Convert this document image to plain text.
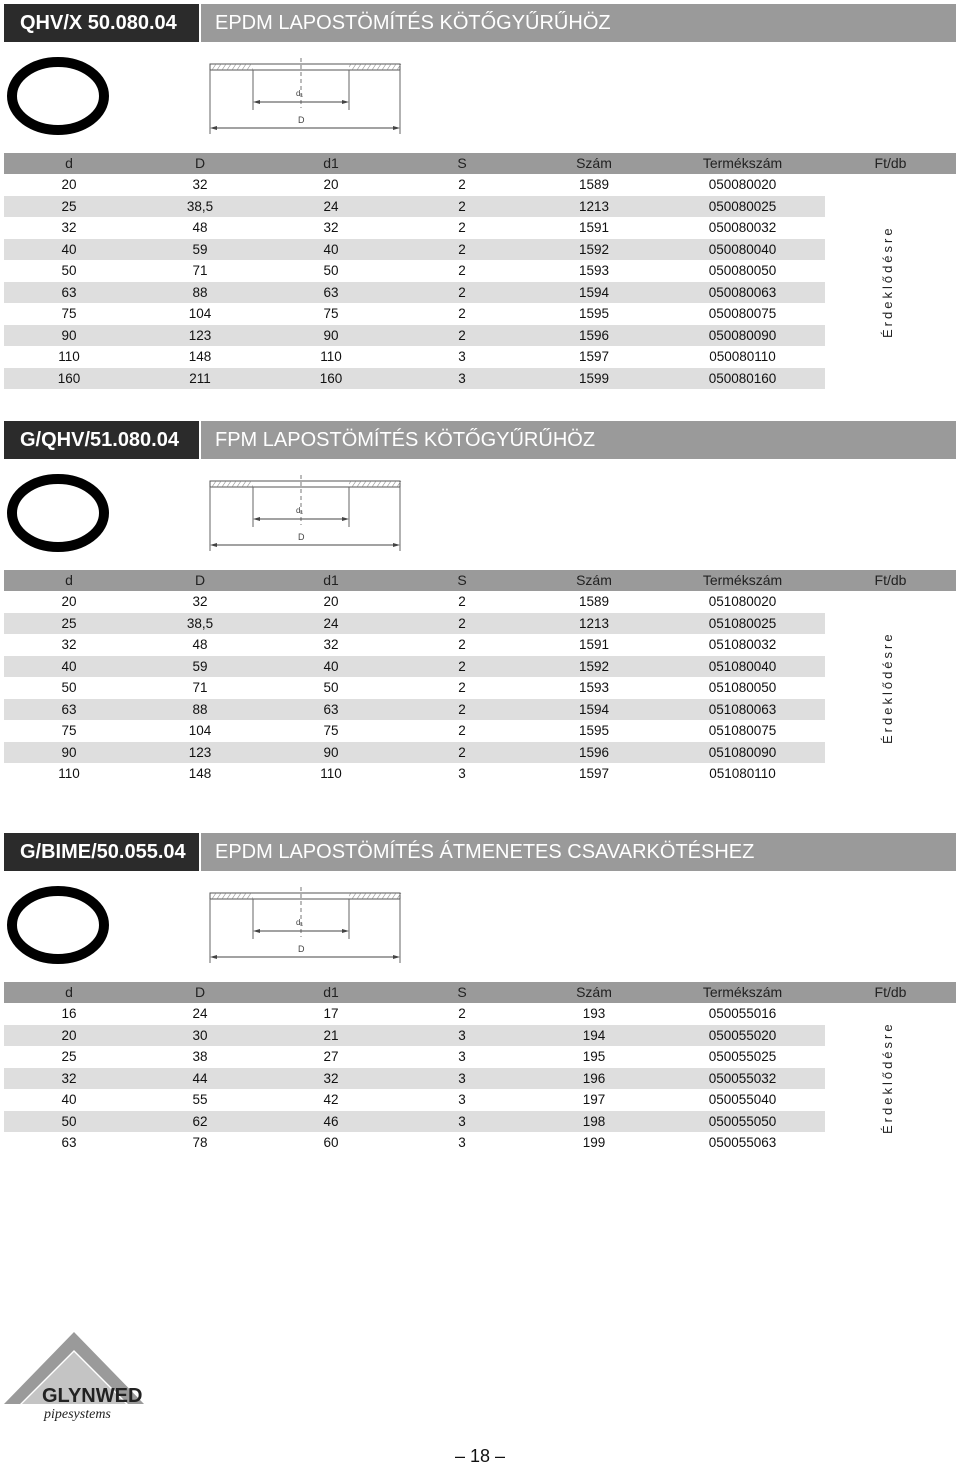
QHV/X 50.080.04	EPDM LAPOSTÖMÍTÉS KÖTŐGYŰRŰHÖZ
d₁
D
d	D	d1	S	Szám	Termékszám	Ft/db
20	32	20	2	1589	050080020
25	38,5	24	2	1213	050080025
32	48	32	2	1591	050080032
40	59	40	2	1592	050080040
50	71	50	2	1593	050080050
63	88	63	2	1594	050080063
75	104	75	2	1595	050080075
90	123	90	2	1596	050080090
110	148	110	3	1597	050080110
160	211	160	3	1599	050080160
Érdeklődésre
G/QHV/51.080.04	FPM LAPOSTÖMÍTÉS KÖTŐGYŰRŰHÖZ
d₁
D
d	D	d1	S	Szám	Termékszám	Ft/db
20	32	20	2	1589	051080020
25	38,5	24	2	1213	051080025
32	48	32	2	1591	051080032
40	59	40	2	1592	051080040
50	71	50	2	1593	051080050
63	88	63	2	1594	051080063
75	104	75	2	1595	051080075
90	123	90	2	1596	051080090
110	148	110	3	1597	051080110
Érdeklődésre
G/BIME/50.055.04	EPDM LAPOSTÖMÍTÉS ÁTMENETES CSAVARKÖTÉSHEZ
d₁
D
d	D	d1	S	Szám	Termékszám	Ft/db
16	24	17	2	193	050055016
20	30	21	3	194	050055020
25	38	27	3	195	050055025
32	44	32	3	196	050055032
40	55	42	3	197	050055040
50	62	46	3	198	050055050
63	78	60	3	199	050055063
Érdeklődésre
GLYNWED
pipesystems
– 18 –
